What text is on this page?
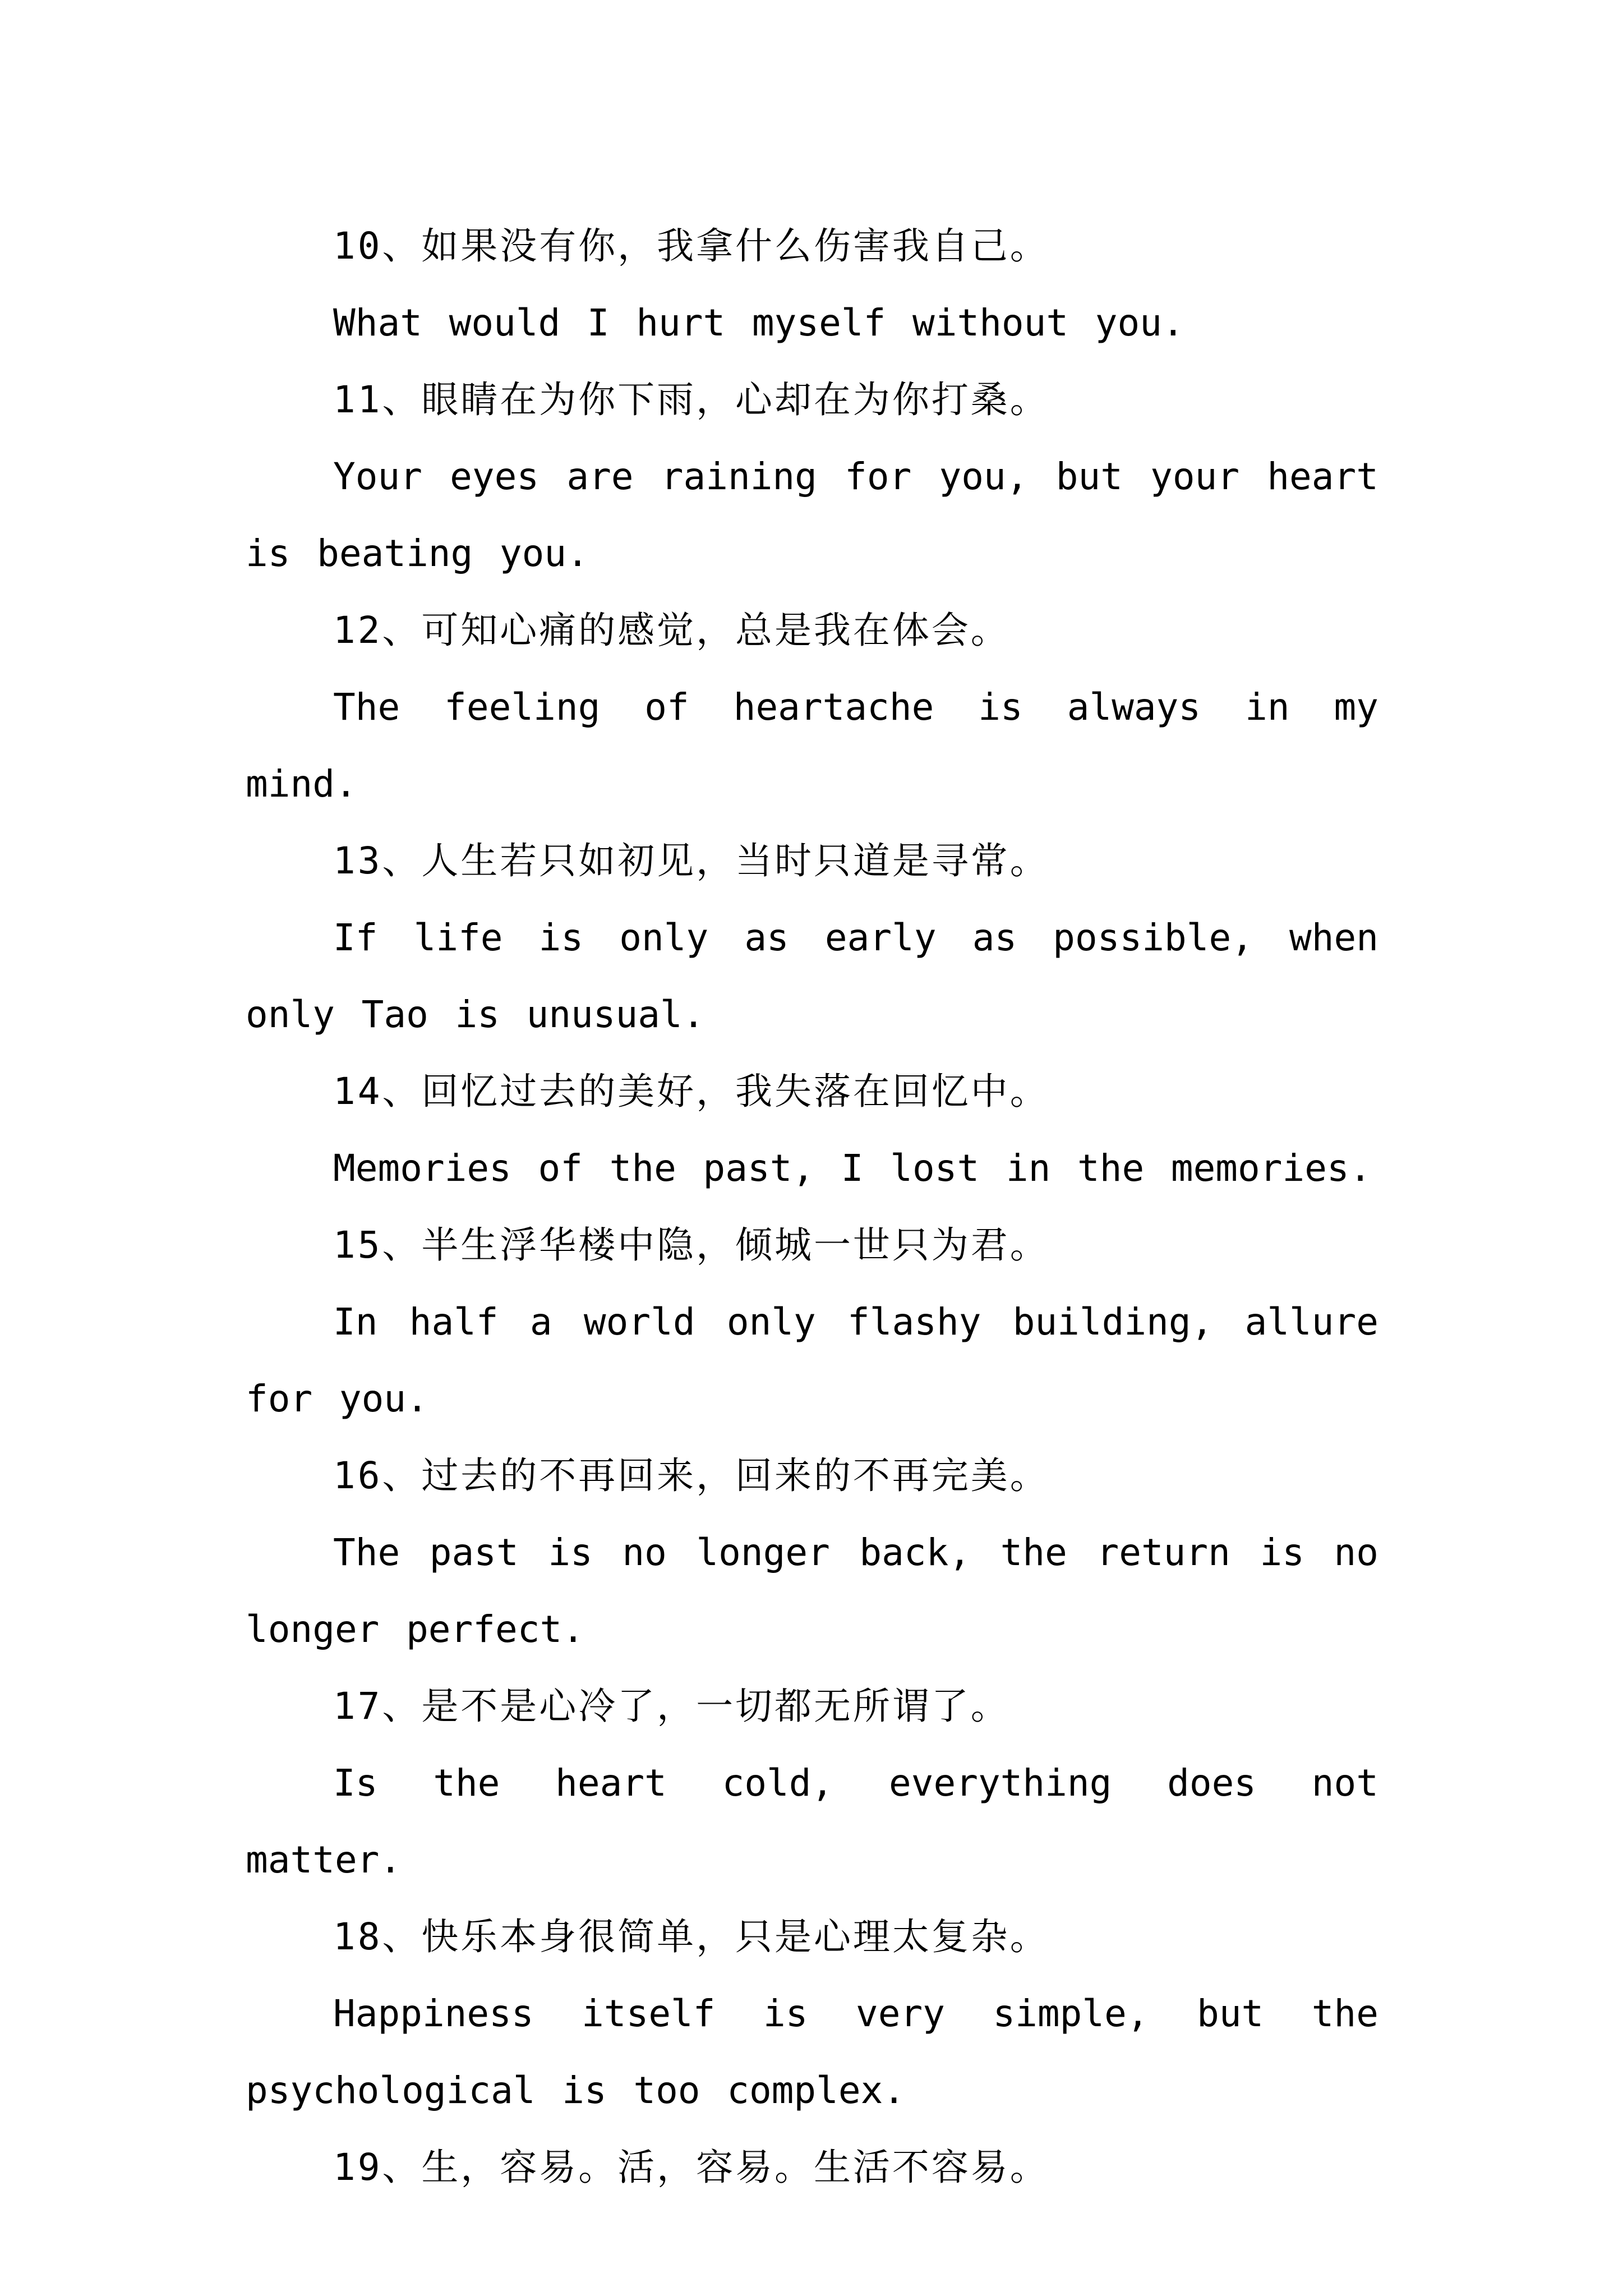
10、如果没有你，我拿什么伤害我自己。

What would I hurt myself without you.

11、眼睛在为你下雨，心却在为你打桑。

Your eyes are raining for you, but your heart is beating you.

12、可知心痛的感觉，总是我在体会。

The feeling of heartache is always in my mind.

13、人生若只如初见，当时只道是寻常。

If life is only as early as possible, when only Tao is unusual.

14、回忆过去的美好，我失落在回忆中。

Memories of the past, I lost in the memories.

15、半生浮华楼中隐，倾城一世只为君。

In half a world only flashy building, allure for you.

16、过去的不再回来，回来的不再完美。

The past is no longer back, the return is no longer perfect.

17、是不是心冷了，一切都无所谓了。

Is the heart cold, everything does not matter.

18、快乐本身很简单，只是心理太复杂。

Happiness itself is very simple, but the psychological is too complex.

19、生，容易。活，容易。生活不容易。
